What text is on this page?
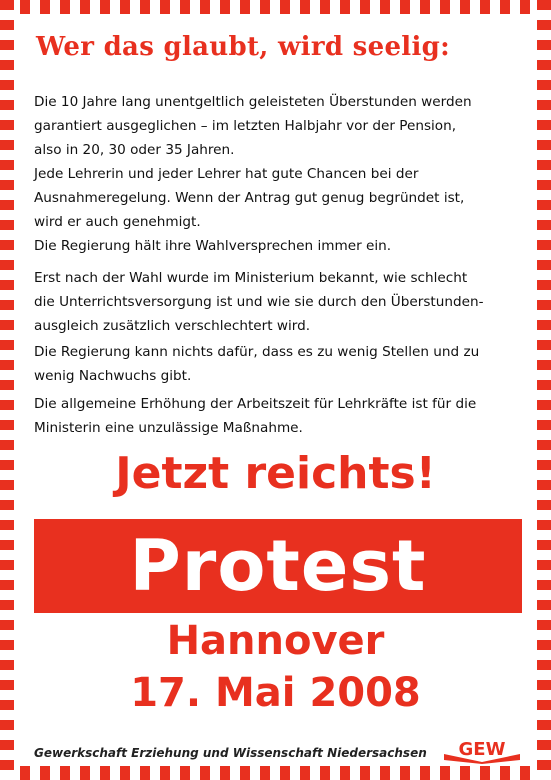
Wer das glaubt, wird seelig:
Die 10 Jahre lang unentgeltlich geleisteten Überstunden werden
garantiert ausgeglichen – im letzten Halbjahr vor der Pension,
also in 20, 30 oder 35 Jahren.
Jede Lehrerin und jeder Lehrer hat gute Chancen bei der
Ausnahmeregelung. Wenn der Antrag gut genug begründet ist,
wird er auch genehmigt.
Die Regierung hält ihre Wahlversprechen immer ein.
Erst nach der Wahl wurde im Ministerium bekannt, wie schlecht
die Unterrichtsversorgung ist und wie sie durch den Überstunden-
ausgleich zusätzlich verschlechtert wird.
Die Regierung kann nichts dafür, dass es zu wenig Stellen und zu
wenig Nachwuchs gibt.
Die allgemeine Erhöhung der Arbeitszeit für Lehrkräfte ist für die
Ministerin eine unzulässige Maßnahme.
Jetzt reichts!
Protest
Hannover
17. Mai 2008
Gewerkschaft Erziehung und Wissenschaft Niedersachsen GEW
